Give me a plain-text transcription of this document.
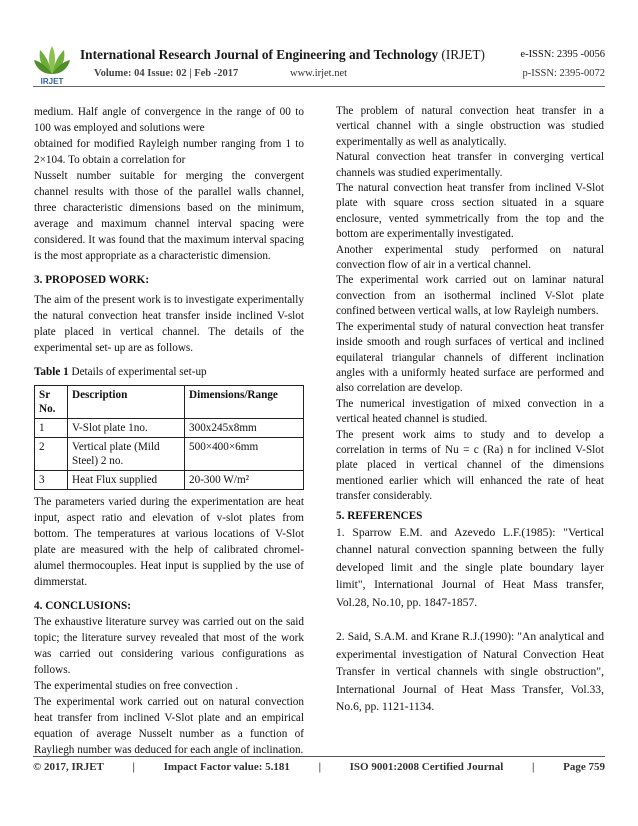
IRJET
International Research Journal of Engineering and Technology (IRJET)	e-ISSN: 2395 -0056
Volume: 04 Issue: 02 | Feb -2017	www.irjet.net	p-ISSN: 2395-0072

medium. Half angle of convergence in the range of 00 to 100 was employed and solutions were

obtained for modified Rayleigh number ranging from 1 to 2×104. To obtain a correlation for

Nusselt number suitable for merging the convergent channel results with those of the parallel walls channel, three characteristic dimensions based on the minimum, average and maximum channel interval spacing were considered. It was found that the maximum interval spacing is the most appropriate as a characteristic dimension.

3. PROPOSED WORK:

The aim of the present work is to investigate experimentally the natural convection heat transfer inside inclined V-slot plate placed in vertical channel. The details of the experimental set- up are as follows.

Table 1 Details of experimental set-up
Sr No.	Description	Dimensions/Range
1	V-Slot plate 1no.	300x245x8mm
2	Vertical plate (Mild Steel) 2 no.	500×400×6mm
3	Heat Flux supplied	20-300 W/m²

The parameters varied during the experimentation are heat input, aspect ratio and elevation of v-slot plates from bottom. The temperatures at various locations of V-Slot plate are measured with the help of calibrated chromel-alumel thermocouples. Heat input is supplied by the use of dimmerstat.

4. CONCLUSIONS:

The exhaustive literature survey was carried out on the said topic; the literature survey revealed that most of the work was carried out considering various configurations as follows.

The experimental studies on free convection .

The experimental work carried out on natural convection heat transfer from inclined V-Slot plate and an empirical equation of average Nusselt number as a function of Rayliegh number was deduced for each angle of inclination.

The problem of natural convection heat transfer in a vertical channel with a single obstruction was studied experimentally as well as analytically.

Natural convection heat transfer in converging vertical channels was studied experimentally.

The natural convection heat transfer from inclined V-Slot plate with square cross section situated in a square enclosure, vented symmetrically from the top and the bottom are experimentally investigated.

Another experimental study performed on natural convection flow of air in a vertical channel.

The experimental work carried out on laminar natural convection from an isothermal inclined V-Slot plate confined between vertical walls, at low Rayleigh numbers.

The experimental study of natural convection heat transfer inside smooth and rough surfaces of vertical and inclined equilateral triangular channels of different inclination angles with a uniformly heated surface are performed and also correlation are develop.

The numerical investigation of mixed convection in a vertical heated channel is studied.

The present work aims to study and to develop a correlation in terms of Nu = c (Ra) n for inclined V-Slot plate placed in vertical channel of the dimensions mentioned earlier which will enhanced the rate of heat transfer considerably.

5. REFERENCES

1. Sparrow E.M. and Azevedo L.F.(1985): "Vertical channel natural convection spanning between the fully developed limit and the single plate boundary layer limit", International Journal of Heat Mass transfer, Vol.28, No.10, pp. 1847-1857.

2. Said, S.A.M. and Krane R.J.(1990): "An analytical and experimental investigation of Natural Convection Heat Transfer in vertical channels with single obstruction", International Journal of Heat Mass Transfer, Vol.33, No.6, pp. 1121-1134.

© 2017, IRJET	|	Impact Factor value: 5.181	|	ISO 9001:2008 Certified Journal	|	Page 759
